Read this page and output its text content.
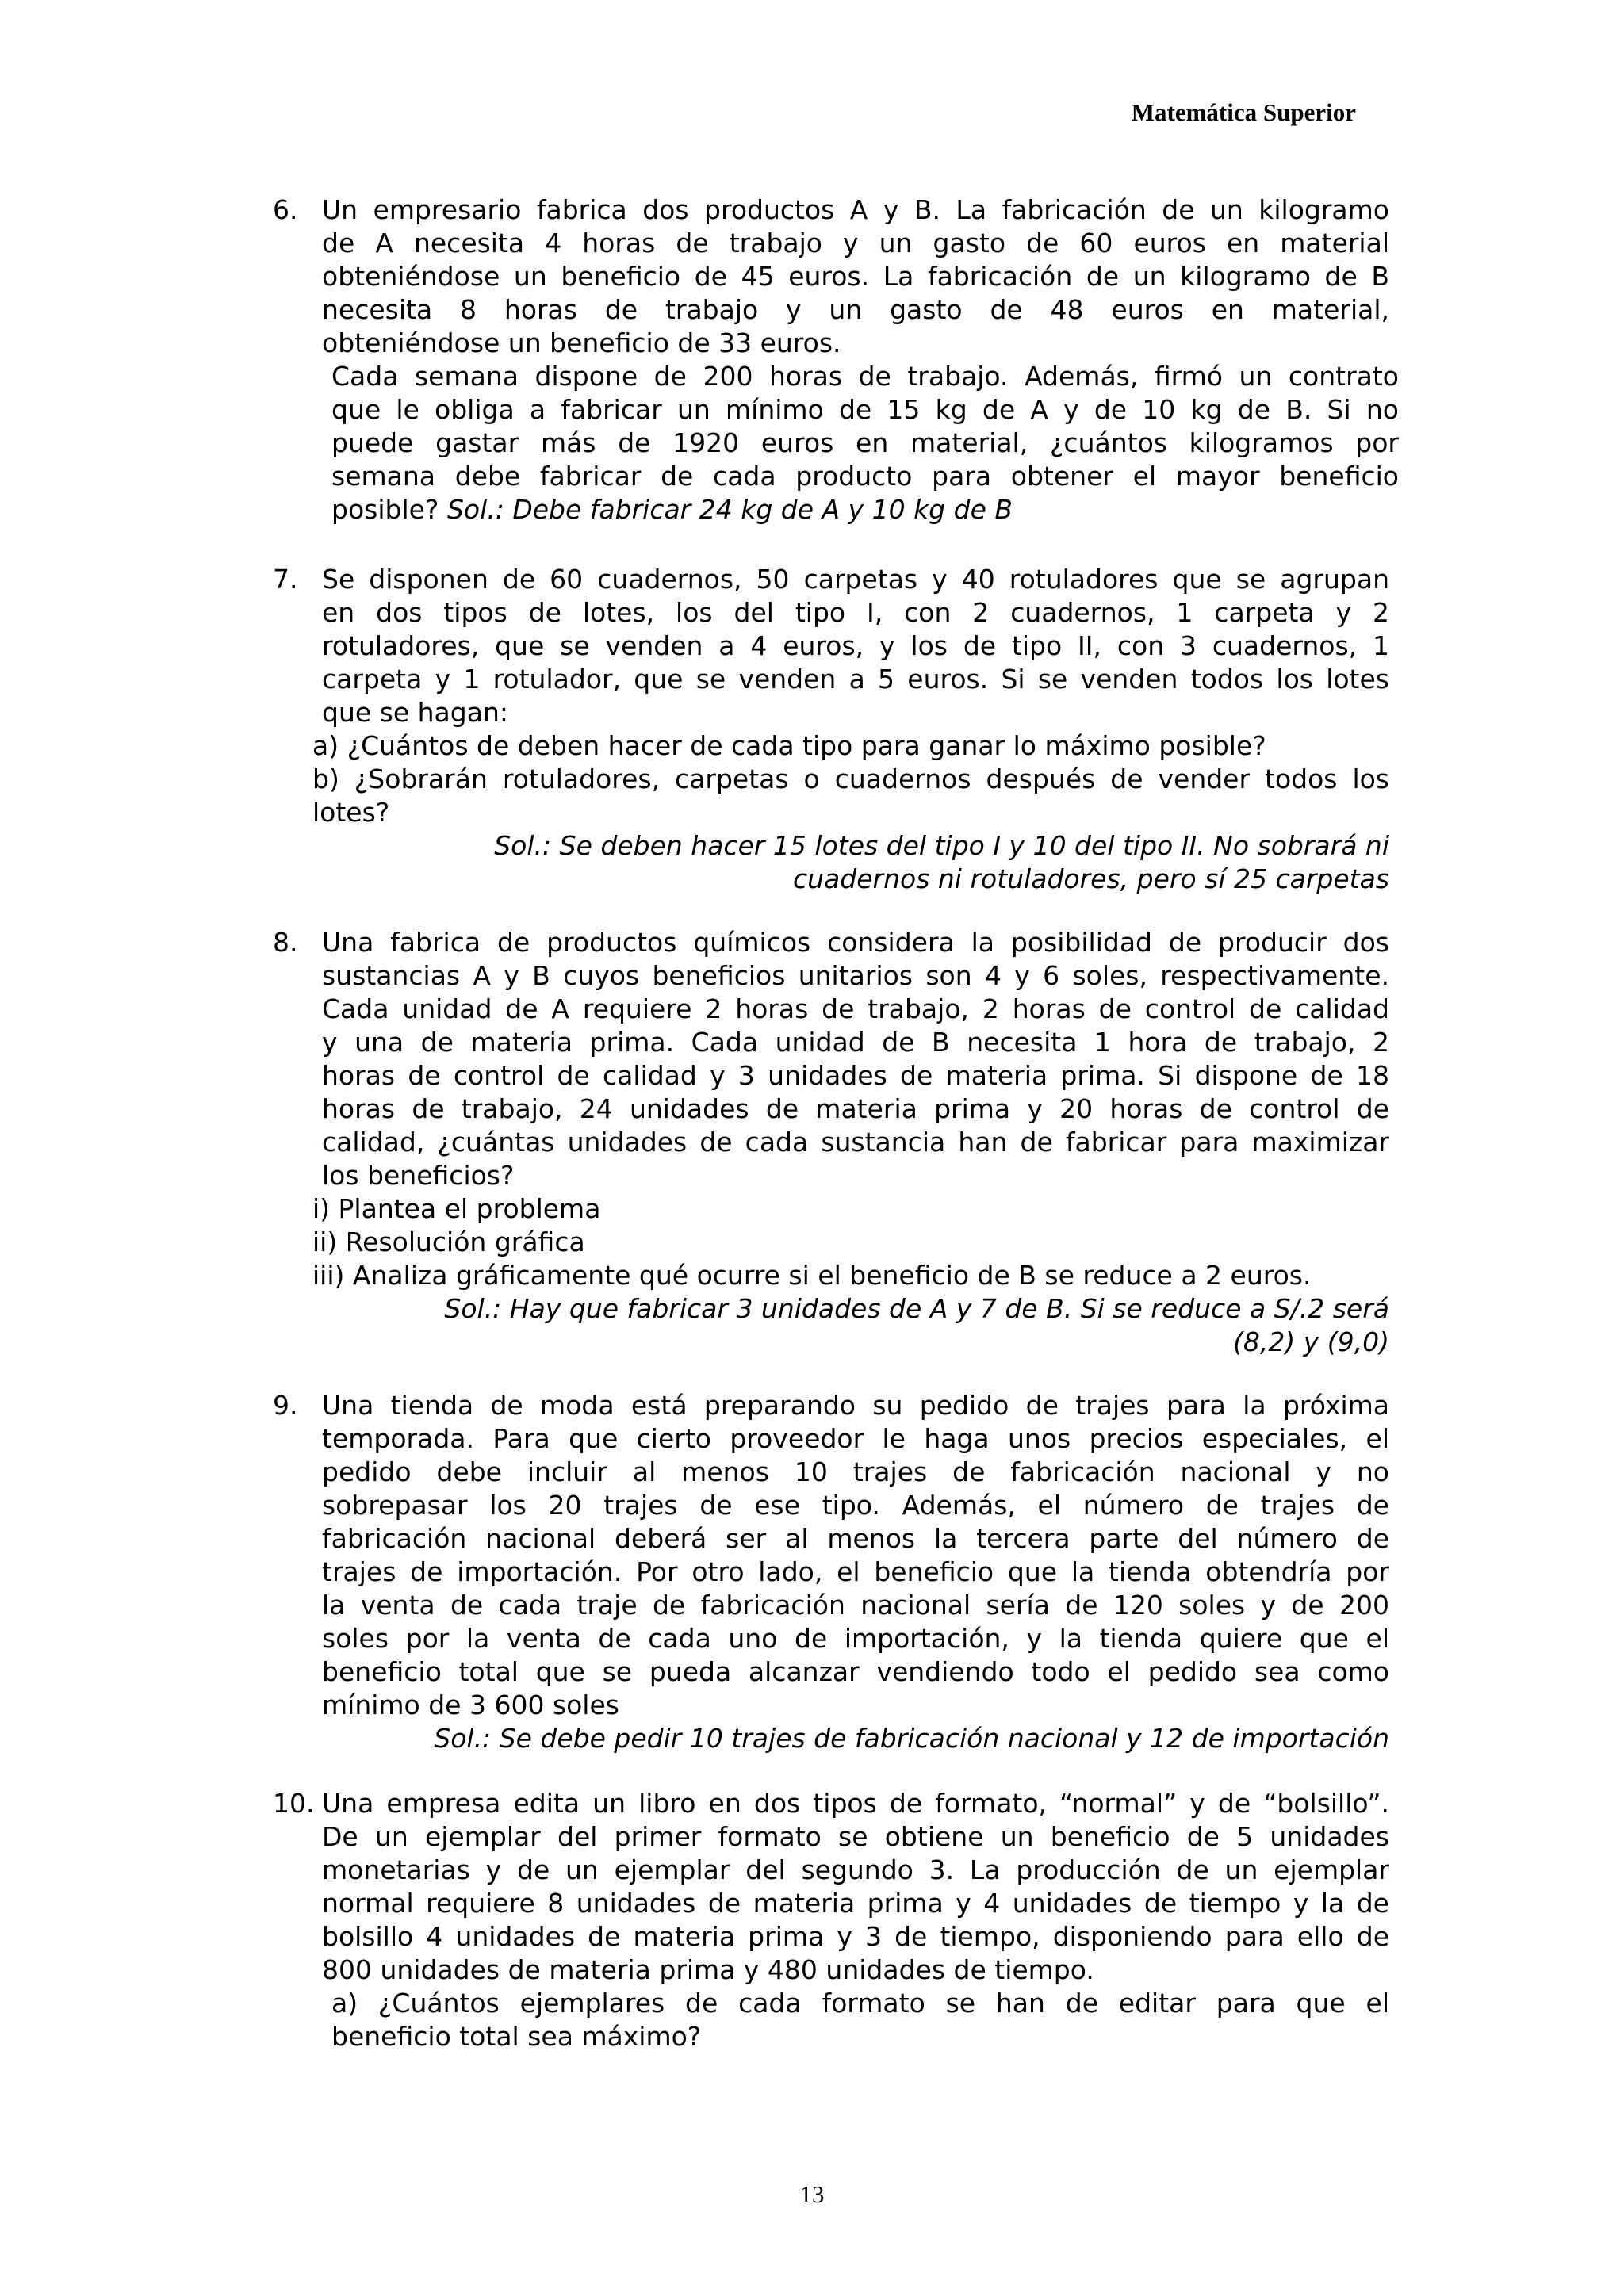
Matemática Superior
6. Un empresario fabrica dos productos A y B. La fabricación de un kilogramo
de A necesita 4 horas de trabajo y un gasto de 60 euros en material
obteniéndose un beneficio de 45 euros. La fabricación de un kilogramo de B
necesita 8 horas de trabajo y un gasto de 48 euros en material,
obteniéndose un beneficio de 33 euros.
Cada semana dispone de 200 horas de trabajo. Además, firmó un contrato
que le obliga a fabricar un mínimo de 15 kg de A y de 10 kg de B. Si no
puede gastar más de 1920 euros en material, ¿cuántos kilogramos por
semana debe fabricar de cada producto para obtener el mayor beneficio
posible? Sol.: Debe fabricar 24 kg de A y 10 kg de B
7. Se disponen de 60 cuadernos, 50 carpetas y 40 rotuladores que se agrupan
en dos tipos de lotes, los del tipo I, con 2 cuadernos, 1 carpeta y 2
rotuladores, que se venden a 4 euros, y los de tipo II, con 3 cuadernos, 1
carpeta y 1 rotulador, que se venden a 5 euros. Si se venden todos los lotes
que se hagan:
a) ¿Cuántos de deben hacer de cada tipo para ganar lo máximo posible?
b) ¿Sobrarán rotuladores, carpetas o cuadernos después de vender todos los
lotes?
Sol.: Se deben hacer 15 lotes del tipo I y 10 del tipo II. No sobrará ni
cuadernos ni rotuladores, pero sí 25 carpetas
8. Una fabrica de productos químicos considera la posibilidad de producir dos
sustancias A y B cuyos beneficios unitarios son 4 y 6 soles, respectivamente.
Cada unidad de A requiere 2 horas de trabajo, 2 horas de control de calidad
y una de materia prima. Cada unidad de B necesita 1 hora de trabajo, 2
horas de control de calidad y 3 unidades de materia prima. Si dispone de 18
horas de trabajo, 24 unidades de materia prima y 20 horas de control de
calidad, ¿cuántas unidades de cada sustancia han de fabricar para maximizar
los beneficios?
i) Plantea el problema
ii) Resolución gráfica
iii) Analiza gráficamente qué ocurre si el beneficio de B se reduce a 2 euros.
Sol.: Hay que fabricar 3 unidades de A y 7 de B. Si se reduce a S/.2 será
(8,2) y (9,0)
9. Una tienda de moda está preparando su pedido de trajes para la próxima
temporada. Para que cierto proveedor le haga unos precios especiales, el
pedido debe incluir al menos 10 trajes de fabricación nacional y no
sobrepasar los 20 trajes de ese tipo. Además, el número de trajes de
fabricación nacional deberá ser al menos la tercera parte del número de
trajes de importación. Por otro lado, el beneficio que la tienda obtendría por
la venta de cada traje de fabricación nacional sería de 120 soles y de 200
soles por la venta de cada uno de importación, y la tienda quiere que el
beneficio total que se pueda alcanzar vendiendo todo el pedido sea como
mínimo de 3 600 soles
Sol.: Se debe pedir 10 trajes de fabricación nacional y 12 de importación
10. Una empresa edita un libro en dos tipos de formato, “normal” y de “bolsillo”.
De un ejemplar del primer formato se obtiene un beneficio de 5 unidades
monetarias y de un ejemplar del segundo 3. La producción de un ejemplar
normal requiere 8 unidades de materia prima y 4 unidades de tiempo y la de
bolsillo 4 unidades de materia prima y 3 de tiempo, disponiendo para ello de
800 unidades de materia prima y 480 unidades de tiempo.
a) ¿Cuántos ejemplares de cada formato se han de editar para que el
beneficio total sea máximo?
13
